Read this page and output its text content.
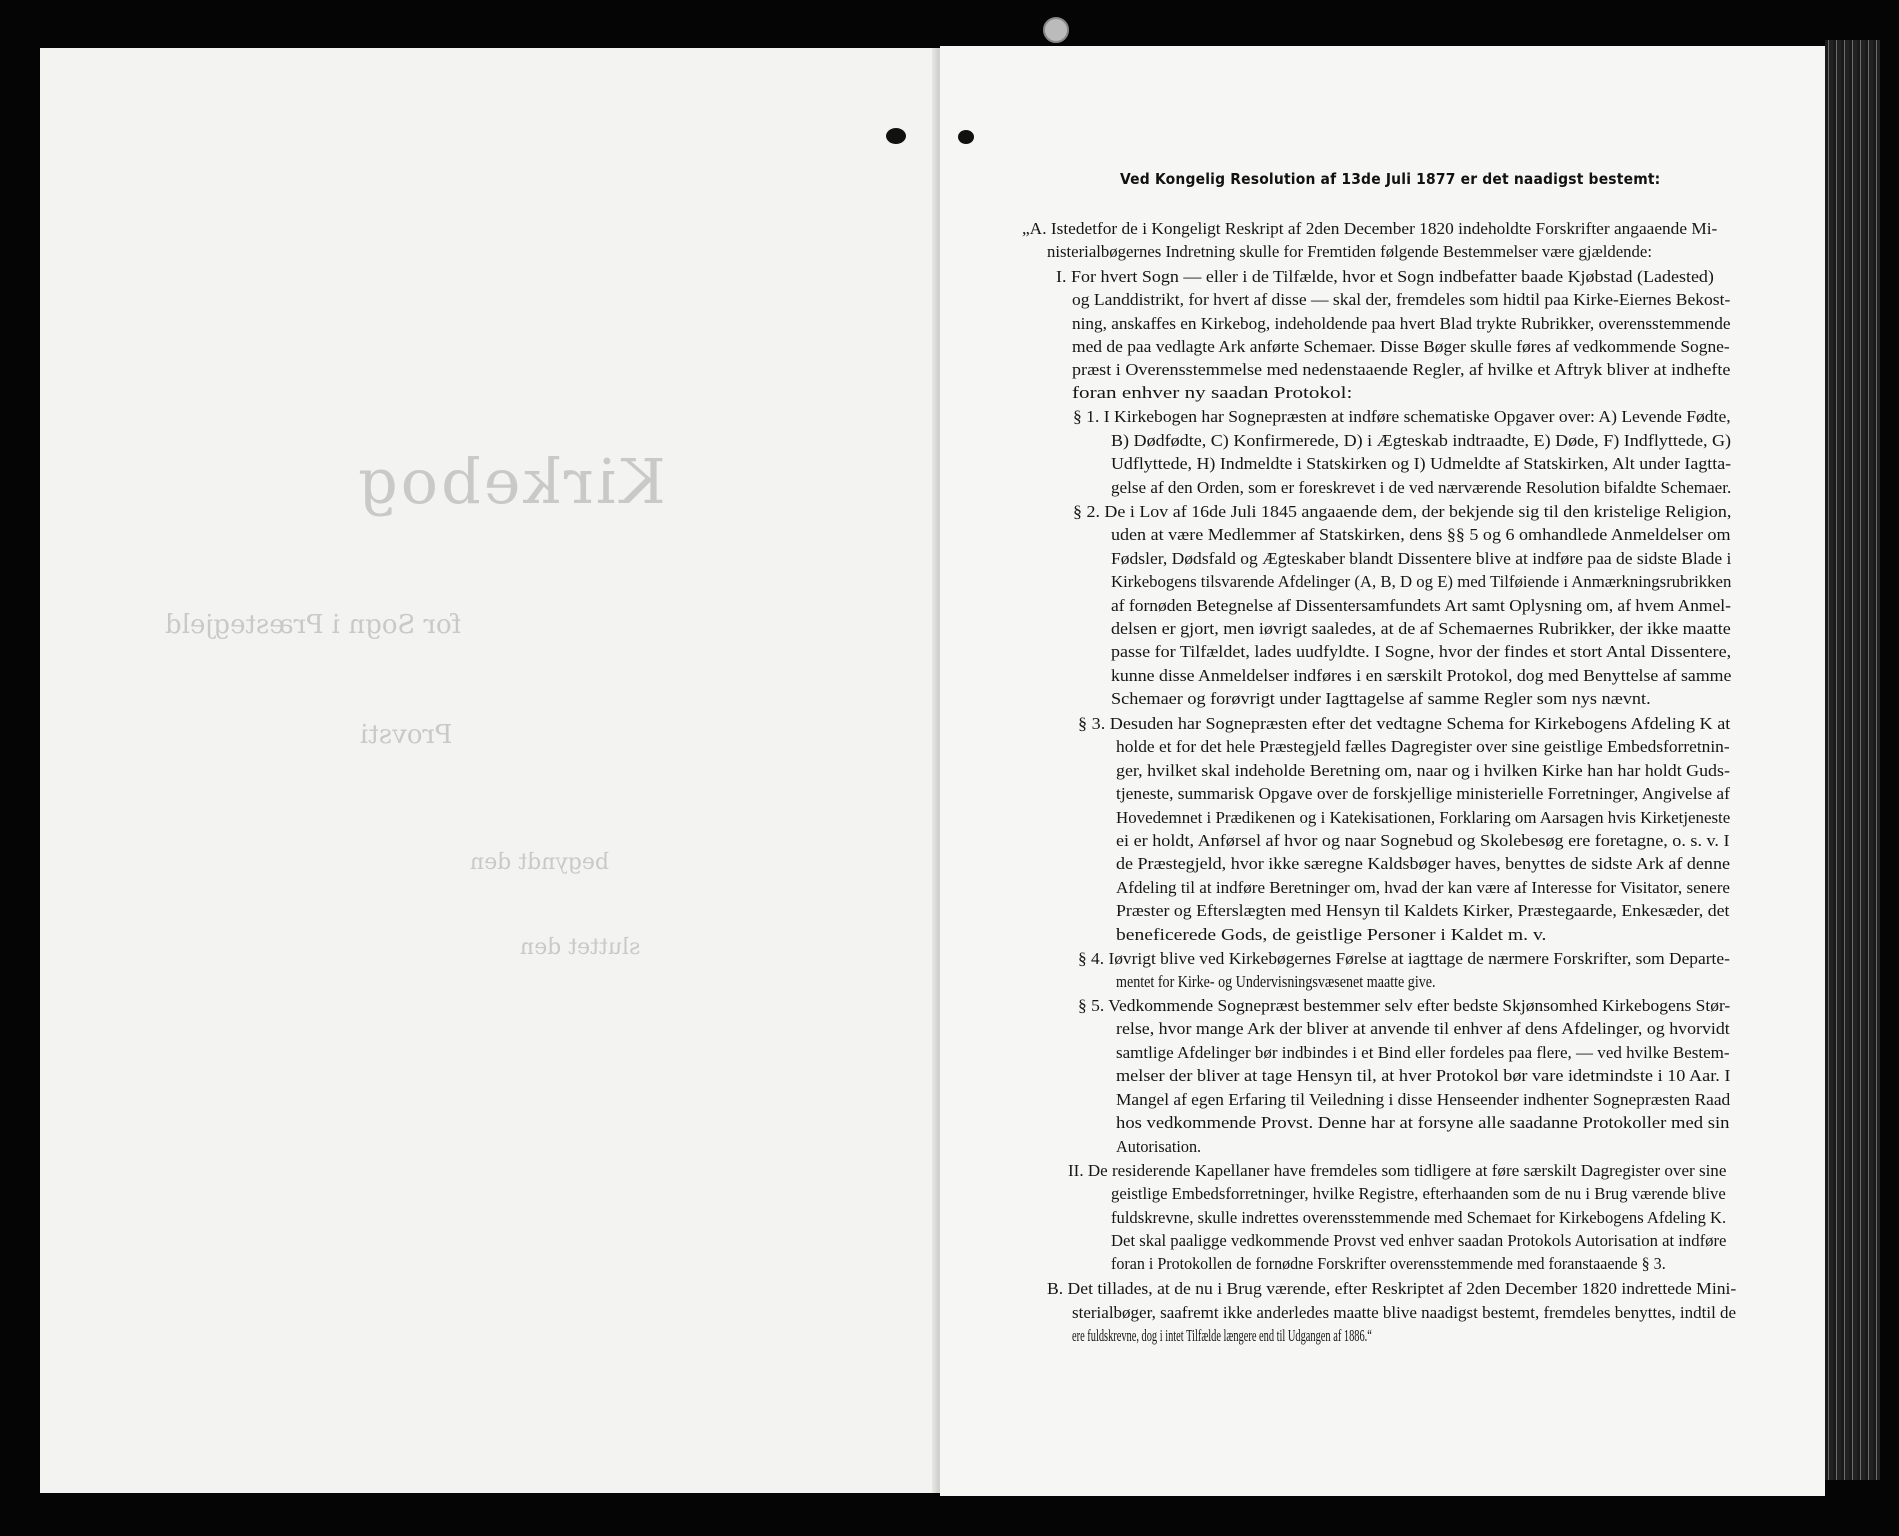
Kirkebog
for Sogn i Præstegjeld
Provsti
begyndt den
sluttet den
Ved Kongelig Resolution af 13de Juli 1877 er det naadigst bestemt:
„A. Istedetfor de i Kongeligt Reskript af 2den December 1820 indeholdte Forskrifter angaaende Mi-
nisterialbøgernes Indretning skulle for Fremtiden følgende Bestemmelser være gjældende:
I. For hvert Sogn — eller i de Tilfælde, hvor et Sogn indbefatter baade Kjøbstad (Ladested)
og Landdistrikt, for hvert af disse — skal der, fremdeles som hidtil paa Kirke-Eiernes Bekost-
ning, anskaffes en Kirkebog, indeholdende paa hvert Blad trykte Rubrikker, overensstemmende
med de paa vedlagte Ark anførte Schemaer. Disse Bøger skulle føres af vedkommende Sogne-
præst i Overensstemmelse med nedenstaaende Regler, af hvilke et Aftryk bliver at indhefte
foran enhver ny saadan Protokol:
§ 1. I Kirkebogen har Sognepræsten at indføre schematiske Opgaver over: A) Levende Fødte,
B) Dødfødte, C) Konfirmerede, D) i Ægteskab indtraadte, E) Døde, F) Indflyttede, G)
Udflyttede, H) Indmeldte i Statskirken og I) Udmeldte af Statskirken, Alt under Iagtta-
gelse af den Orden, som er foreskrevet i de ved nærværende Resolution bifaldte Schemaer.
§ 2. De i Lov af 16de Juli 1845 angaaende dem, der bekjende sig til den kristelige Religion,
uden at være Medlemmer af Statskirken, dens §§ 5 og 6 omhandlede Anmeldelser om
Fødsler, Dødsfald og Ægteskaber blandt Dissentere blive at indføre paa de sidste Blade i
Kirkebogens tilsvarende Afdelinger (A, B, D og E) med Tilføiende i Anmærkningsrubrikken
af fornøden Betegnelse af Dissentersamfundets Art samt Oplysning om, af hvem Anmel-
delsen er gjort, men iøvrigt saaledes, at de af Schemaernes Rubrikker, der ikke maatte
passe for Tilfældet, lades uudfyldte. I Sogne, hvor der findes et stort Antal Dissentere,
kunne disse Anmeldelser indføres i en særskilt Protokol, dog med Benyttelse af samme
Schemaer og forøvrigt under Iagttagelse af samme Regler som nys nævnt.
§ 3. Desuden har Sognepræsten efter det vedtagne Schema for Kirkebogens Afdeling K at
holde et for det hele Præstegjeld fælles Dagregister over sine geistlige Embedsforretnin-
ger, hvilket skal indeholde Beretning om, naar og i hvilken Kirke han har holdt Guds-
tjeneste, summarisk Opgave over de forskjellige ministerielle Forretninger, Angivelse af
Hovedemnet i Prædikenen og i Katekisationen, Forklaring om Aarsagen hvis Kirketjeneste
ei er holdt, Anførsel af hvor og naar Sognebud og Skolebesøg ere foretagne, o. s. v. I
de Præstegjeld, hvor ikke særegne Kaldsbøger haves, benyttes de sidste Ark af denne
Afdeling til at indføre Beretninger om, hvad der kan være af Interesse for Visitator, senere
Præster og Efterslægten med Hensyn til Kaldets Kirker, Præstegaarde, Enkesæder, det
beneficerede Gods, de geistlige Personer i Kaldet m. v.
§ 4. Iøvrigt blive ved Kirkebøgernes Førelse at iagttage de nærmere Forskrifter, som Departe-
mentet for Kirke- og Undervisningsvæsenet maatte give.
§ 5. Vedkommende Sognepræst bestemmer selv efter bedste Skjønsomhed Kirkebogens Stør-
relse, hvor mange Ark der bliver at anvende til enhver af dens Afdelinger, og hvorvidt
samtlige Afdelinger bør indbindes i et Bind eller fordeles paa flere, — ved hvilke Bestem-
melser der bliver at tage Hensyn til, at hver Protokol bør vare idetmindste i 10 Aar. I
Mangel af egen Erfaring til Veiledning i disse Henseender indhenter Sognepræsten Raad
hos vedkommende Provst. Denne har at forsyne alle saadanne Protokoller med sin
Autorisation.
II. De residerende Kapellaner have fremdeles som tidligere at føre særskilt Dagregister over sine
geistlige Embedsforretninger, hvilke Registre, efterhaanden som de nu i Brug værende blive
fuldskrevne, skulle indrettes overensstemmende med Schemaet for Kirkebogens Afdeling K.
Det skal paaligge vedkommende Provst ved enhver saadan Protokols Autorisation at indføre
foran i Protokollen de fornødne Forskrifter overensstemmende med foranstaaende § 3.
B. Det tillades, at de nu i Brug værende, efter Reskriptet af 2den December 1820 indrettede Mini-
sterialbøger, saafremt ikke anderledes maatte blive naadigst bestemt, fremdeles benyttes, indtil de
ere fuldskrevne, dog i intet Tilfælde længere end til Udgangen af 1886.“
